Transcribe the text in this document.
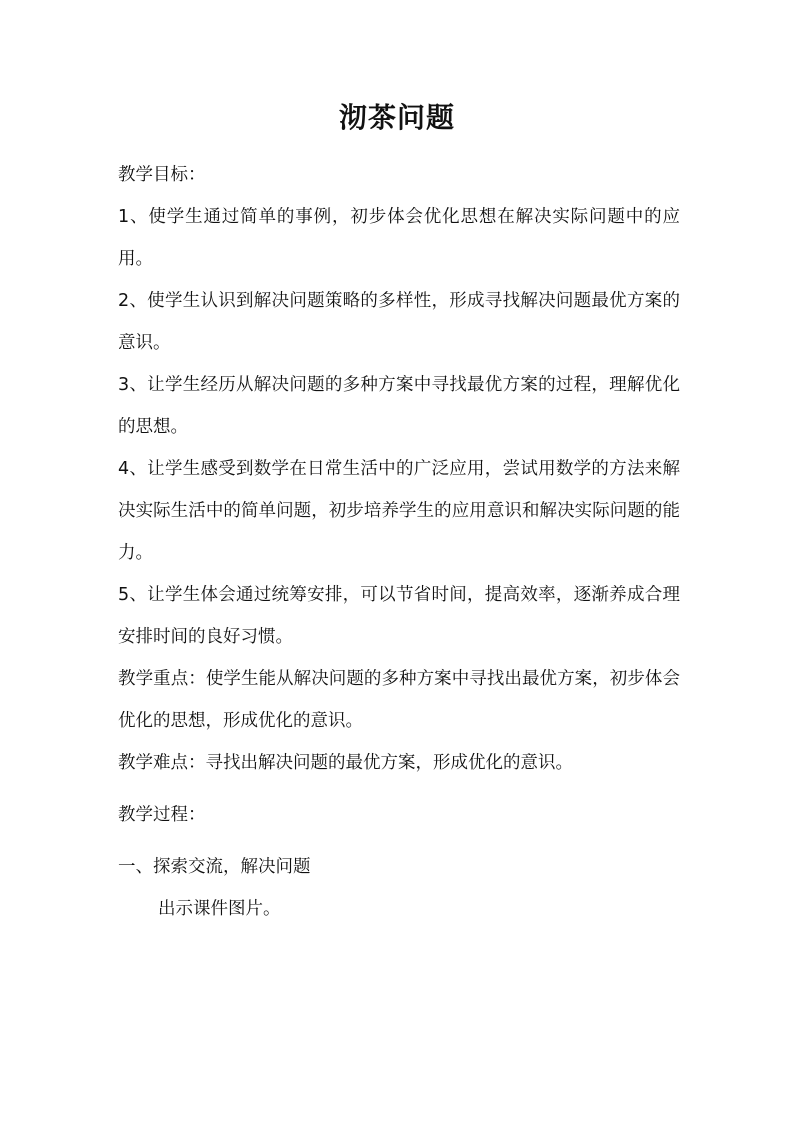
沏茶问题

教学目标：

1、使学生通过简单的事例，初步体会优化思想在解决实际问题中的应用。

2、使学生认识到解决问题策略的多样性，形成寻找解决问题最优方案的意识。

3、让学生经历从解决问题的多种方案中寻找最优方案的过程，理解优化的思想。

4、让学生感受到数学在日常生活中的广泛应用，尝试用数学的方法来解决实际生活中的简单问题，初步培养学生的应用意识和解决实际问题的能力。

5、让学生体会通过统筹安排，可以节省时间，提高效率，逐渐养成合理安排时间的良好习惯。

教学重点：使学生能从解决问题的多种方案中寻找出最优方案，初步体会优化的思想，形成优化的意识。

教学难点：寻找出解决问题的最优方案，形成优化的意识。

教学过程：

一、探索交流，解决问题

出示课件图片。
